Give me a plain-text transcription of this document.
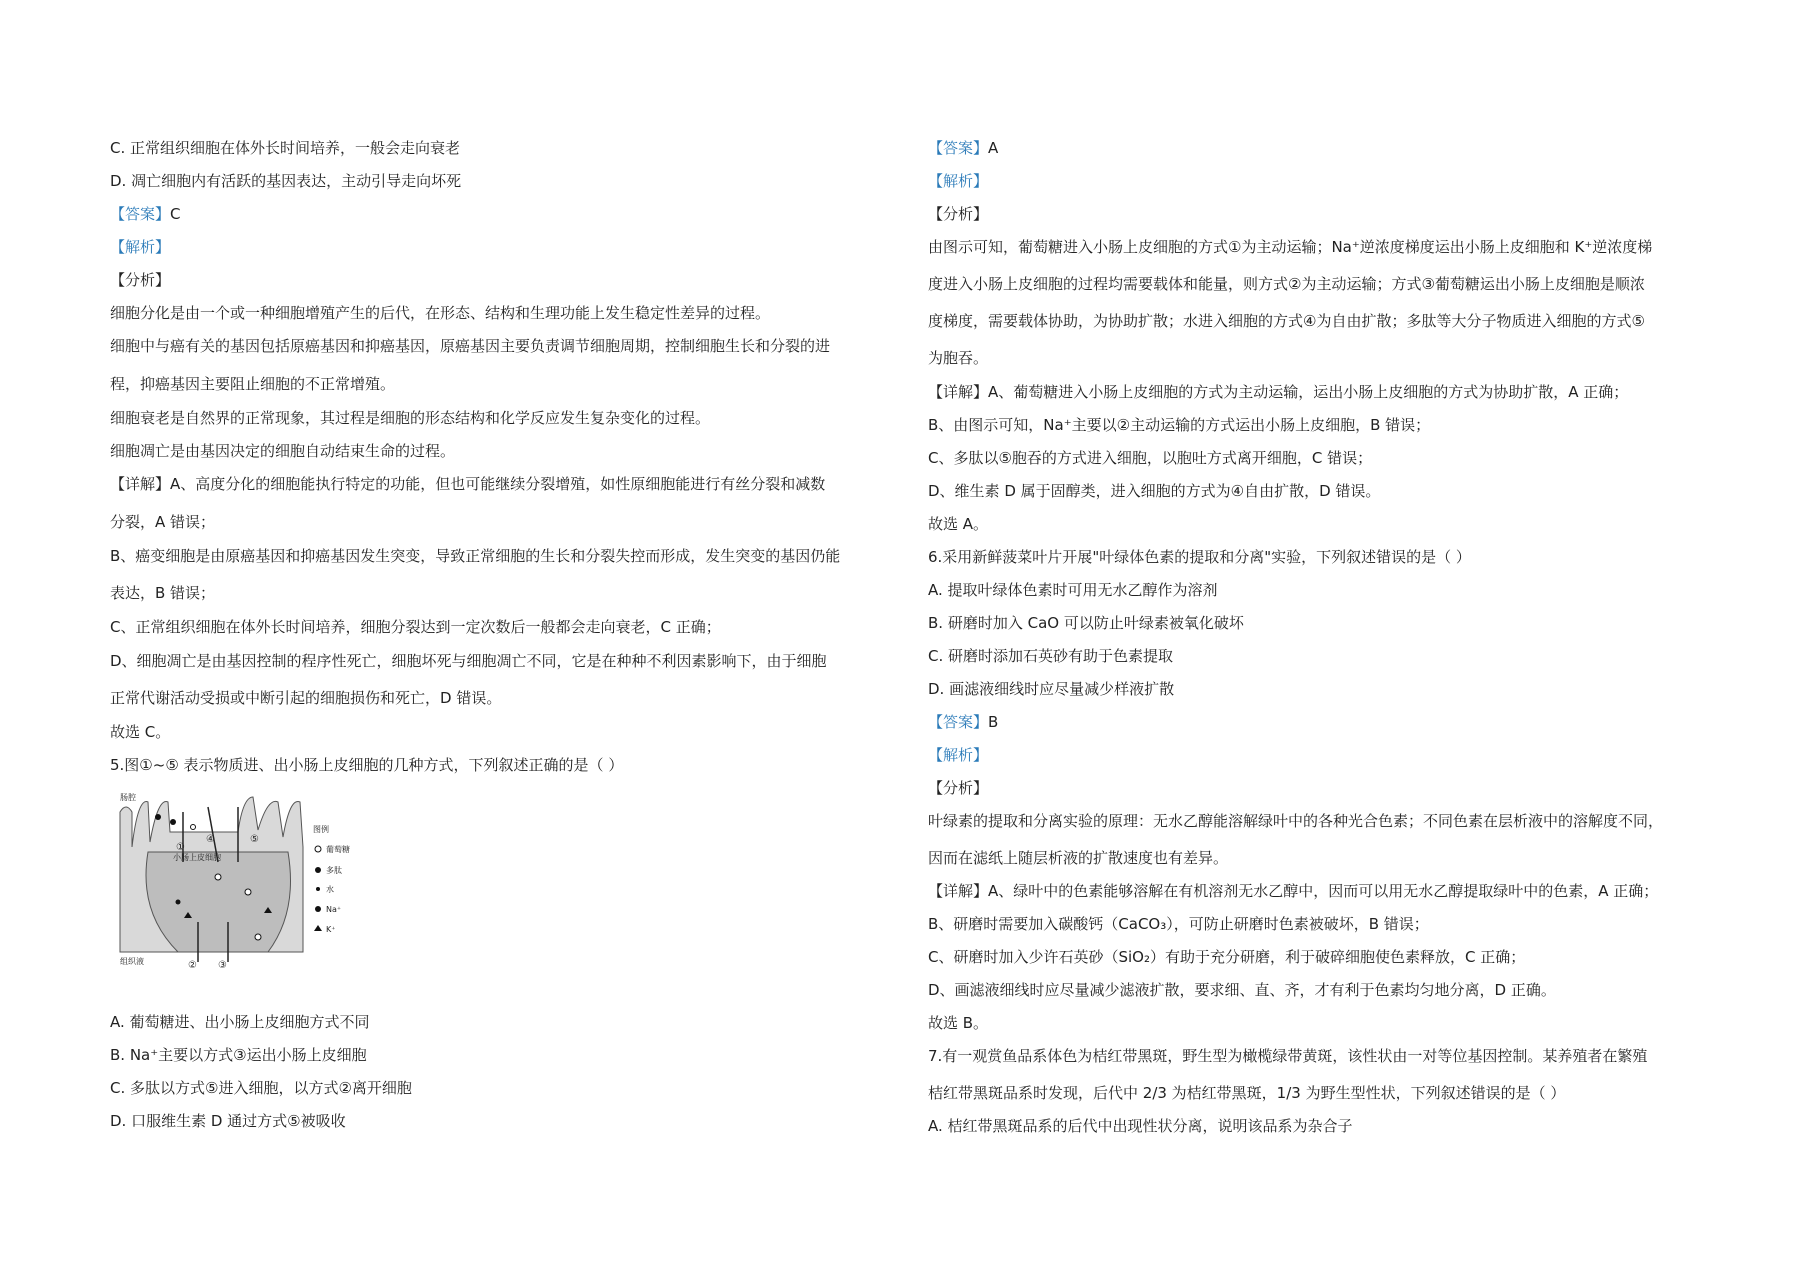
C. 正常组织细胞在体外长时间培养，一般会走向衰老
D. 凋亡细胞内有活跃的基因表达，主动引导走向坏死
【答案】C
【解析】
【分析】
细胞分化是由一个或一种细胞增殖产生的后代，在形态、结构和生理功能上发生稳定性差异的过程。
细胞中与癌有关的基因包括原癌基因和抑癌基因，原癌基因主要负责调节细胞周期，控制细胞生长和分裂的进
程，抑癌基因主要阻止细胞的不正常增殖。
细胞衰老是自然界的正常现象，其过程是细胞的形态结构和化学反应发生复杂变化的过程。
细胞凋亡是由基因决定的细胞自动结束生命的过程。
【详解】A、高度分化的细胞能执行特定的功能，但也可能继续分裂增殖，如性原细胞能进行有丝分裂和减数
分裂，A 错误；
B、癌变细胞是由原癌基因和抑癌基因发生突变，导致正常细胞的生长和分裂失控而形成，发生突变的基因仍能
表达，B 错误；
C、正常组织细胞在体外长时间培养，细胞分裂达到一定次数后一般都会走向衰老，C 正确；
D、细胞凋亡是由基因控制的程序性死亡，细胞坏死与细胞凋亡不同，它是在种种不利因素影响下，由于细胞
正常代谢活动受损或中断引起的细胞损伤和死亡，D 错误。
故选 C。
5.图①~⑤ 表示物质进、出小肠上皮细胞的几种方式，下列叙述正确的是（ ）
A. 葡萄糖进、出小肠上皮细胞方式不同
B. Na⁺主要以方式③运出小肠上皮细胞
C. 多肽以方式⑤进入细胞，以方式②离开细胞
D. 口服维生素 D 通过方式⑤被吸收
【答案】A
【解析】
【分析】
由图示可知，葡萄糖进入小肠上皮细胞的方式①为主动运输；Na⁺逆浓度梯度运出小肠上皮细胞和 K⁺逆浓度梯
度进入小肠上皮细胞的过程均需要载体和能量，则方式②为主动运输；方式③葡萄糖运出小肠上皮细胞是顺浓
度梯度，需要载体协助，为协助扩散；水进入细胞的方式④为自由扩散；多肽等大分子物质进入细胞的方式⑤
为胞吞。
【详解】A、葡萄糖进入小肠上皮细胞的方式为主动运输，运出小肠上皮细胞的方式为协助扩散，A 正确；
B、由图示可知，Na⁺主要以②主动运输的方式运出小肠上皮细胞，B 错误；
C、多肽以⑤胞吞的方式进入细胞，以胞吐方式离开细胞，C 错误；
D、维生素 D 属于固醇类，进入细胞的方式为④自由扩散，D 错误。
故选 A。
6.采用新鲜菠菜叶片开展"叶绿体色素的提取和分离"实验，下列叙述错误的是（ ）
A. 提取叶绿体色素时可用无水乙醇作为溶剂
B. 研磨时加入 CaO 可以防止叶绿素被氧化破坏
C. 研磨时添加石英砂有助于色素提取
D. 画滤液细线时应尽量减少样液扩散
【答案】B
【解析】
【分析】
叶绿素的提取和分离实验的原理：无水乙醇能溶解绿叶中的各种光合色素；不同色素在层析液中的溶解度不同，
因而在滤纸上随层析液的扩散速度也有差异。
【详解】A、绿叶中的色素能够溶解在有机溶剂无水乙醇中，因而可以用无水乙醇提取绿叶中的色素，A 正确；
B、研磨时需要加入碳酸钙（CaCO₃），可防止研磨时色素被破坏，B 错误；
C、研磨时加入少许石英砂（SiO₂）有助于充分研磨，利于破碎细胞使色素释放，C 正确；
D、画滤液细线时应尽量减少滤液扩散，要求细、直、齐，才有利于色素均匀地分离，D 正确。
故选 B。
7.有一观赏鱼品系体色为桔红带黑斑，野生型为橄榄绿带黄斑，该性状由一对等位基因控制。某养殖者在繁殖
桔红带黑斑品系时发现，后代中 2/3 为桔红带黑斑，1/3 为野生型性状，下列叙述错误的是（ ）
A. 桔红带黑斑品系的后代中出现性状分离，说明该品系为杂合子
肠腔
小肠上皮细胞
组织液
①
④	⑤
② ③
图例
葡萄糖
多肽
水
Na⁺
K⁺
